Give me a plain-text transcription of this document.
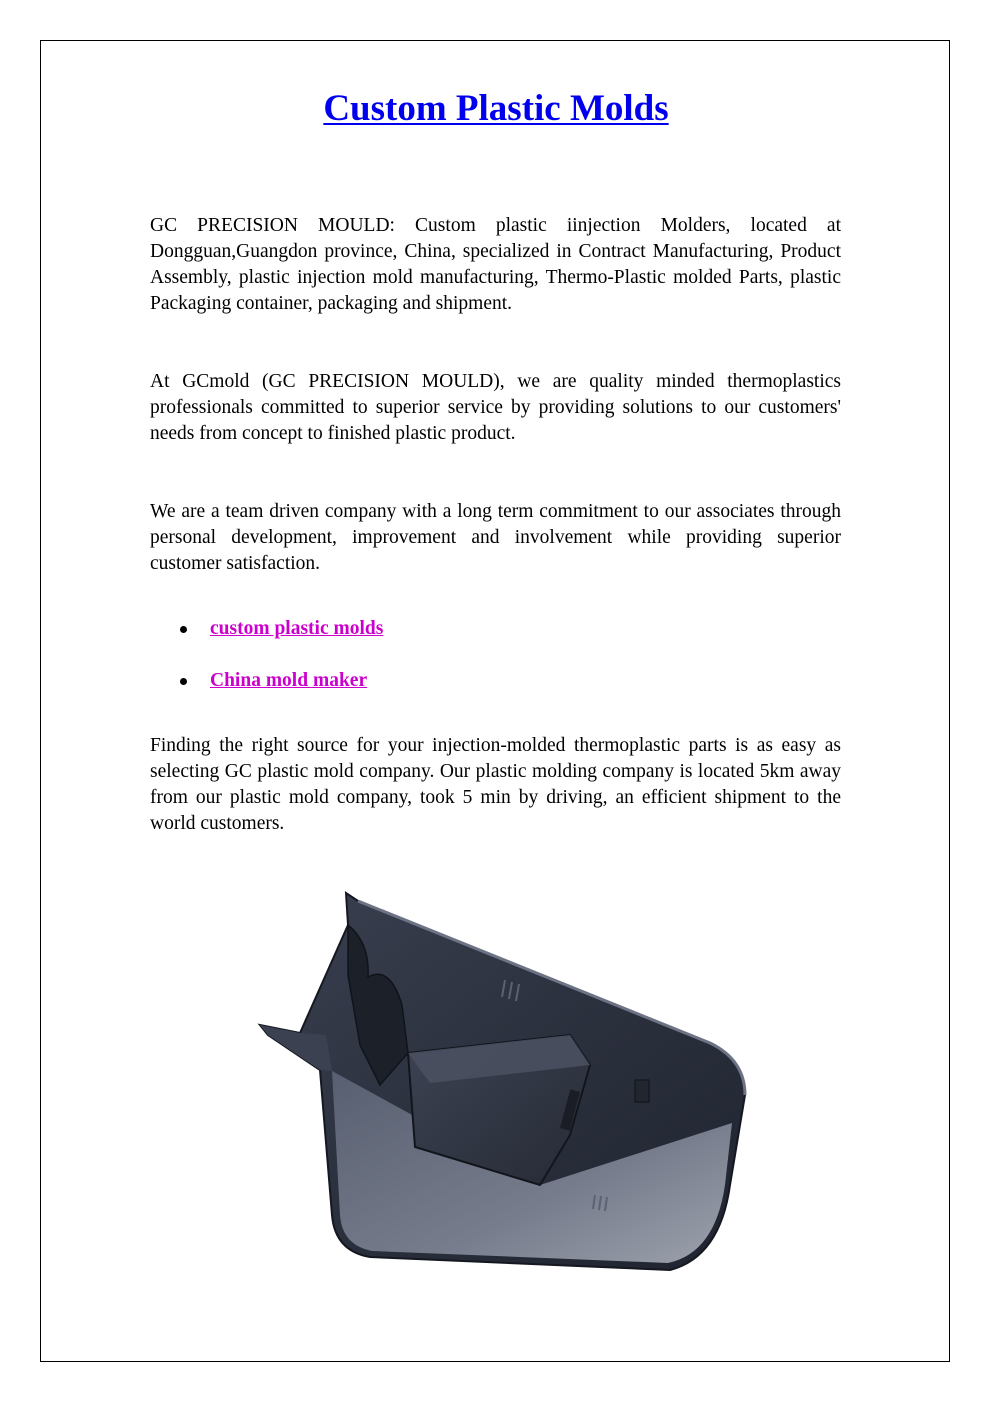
Custom Plastic Molds

GC PRECISION MOULD: Custom plastic iinjection Molders, located at Dongguan,Guangdon province, China, specialized in Contract Manufacturing, Product Assembly, plastic injection mold manufacturing, Thermo-Plastic molded Parts, plastic Packaging container, packaging and shipment.

At GCmold (GC PRECISION MOULD), we are quality minded thermoplastics professionals committed to superior service by providing solutions to our customers' needs from concept to finished plastic product.

We are a team driven company with a long term commitment to our associates through personal development, improvement and involvement while providing superior customer satisfaction.

custom plastic molds
China mold maker

Finding the right source for your injection-molded thermoplastic parts is as easy as selecting GC plastic mold company. Our plastic molding company is located 5km away from our plastic mold company, took 5 min by driving, an efficient shipment to the world customers.
